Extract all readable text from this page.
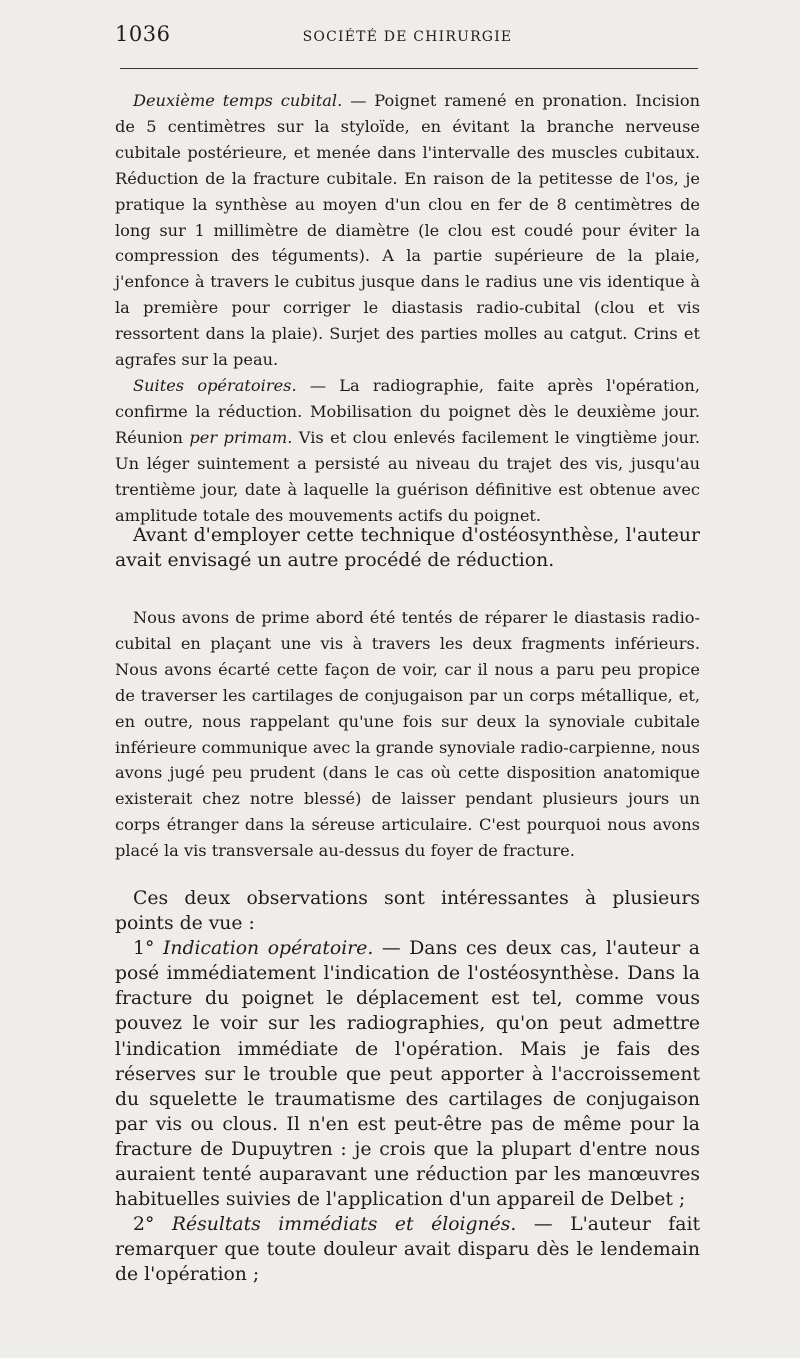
1036	SOCIÉTÉ DE CHIRURGIE

Deuxième temps cubital. — Poignet ramené en pronation. Incision de 5 centimètres sur la styloïde, en évitant la branche nerveuse cubitale postérieure, et menée dans l'intervalle des muscles cubitaux. Réduction de la fracture cubitale. En raison de la petitesse de l'os, je pratique la synthèse au moyen d'un clou en fer de 8 centimètres de long sur 1 millimètre de diamètre (le clou est coudé pour éviter la compression des téguments). A la partie supérieure de la plaie, j'enfonce à travers le cubitus jusque dans le radius une vis identique à la première pour corriger le diastasis radio-cubital (clou et vis ressortent dans la plaie). Surjet des parties molles au catgut. Crins et agrafes sur la peau.

Suites opératoires. — La radiographie, faite après l'opération, confirme la réduction. Mobilisation du poignet dès le deuxième jour. Réunion per primam. Vis et clou enlevés facilement le vingtième jour. Un léger suintement a persisté au niveau du trajet des vis, jusqu'au trentième jour, date à laquelle la guérison définitive est obtenue avec amplitude totale des mouvements actifs du poignet.

Avant d'employer cette technique d'ostéosynthèse, l'auteur avait envisagé un autre procédé de réduction.

Nous avons de prime abord été tentés de réparer le diastasis radio-cubital en plaçant une vis à travers les deux fragments inférieurs. Nous avons écarté cette façon de voir, car il nous a paru peu propice de traverser les cartilages de conjugaison par un corps métallique, et, en outre, nous rappelant qu'une fois sur deux la synoviale cubitale inférieure communique avec la grande synoviale radio-carpienne, nous avons jugé peu prudent (dans le cas où cette disposition anatomique existerait chez notre blessé) de laisser pendant plusieurs jours un corps étranger dans la séreuse articulaire. C'est pourquoi nous avons placé la vis transversale au-dessus du foyer de fracture.

Ces deux observations sont intéressantes à plusieurs points de vue :

1° Indication opératoire. — Dans ces deux cas, l'auteur a posé immédiatement l'indication de l'ostéosynthèse. Dans la fracture du poignet le déplacement est tel, comme vous pouvez le voir sur les radiographies, qu'on peut admettre l'indication immédiate de l'opération. Mais je fais des réserves sur le trouble que peut apporter à l'accroissement du squelette le traumatisme des cartilages de conjugaison par vis ou clous. Il n'en est peut-être pas de même pour la fracture de Dupuytren : je crois que la plupart d'entre nous auraient tenté auparavant une réduction par les manœuvres habituelles suivies de l'application d'un appareil de Delbet ;

2° Résultats immédiats et éloignés. — L'auteur fait remarquer que toute douleur avait disparu dès le lendemain de l'opération ;
